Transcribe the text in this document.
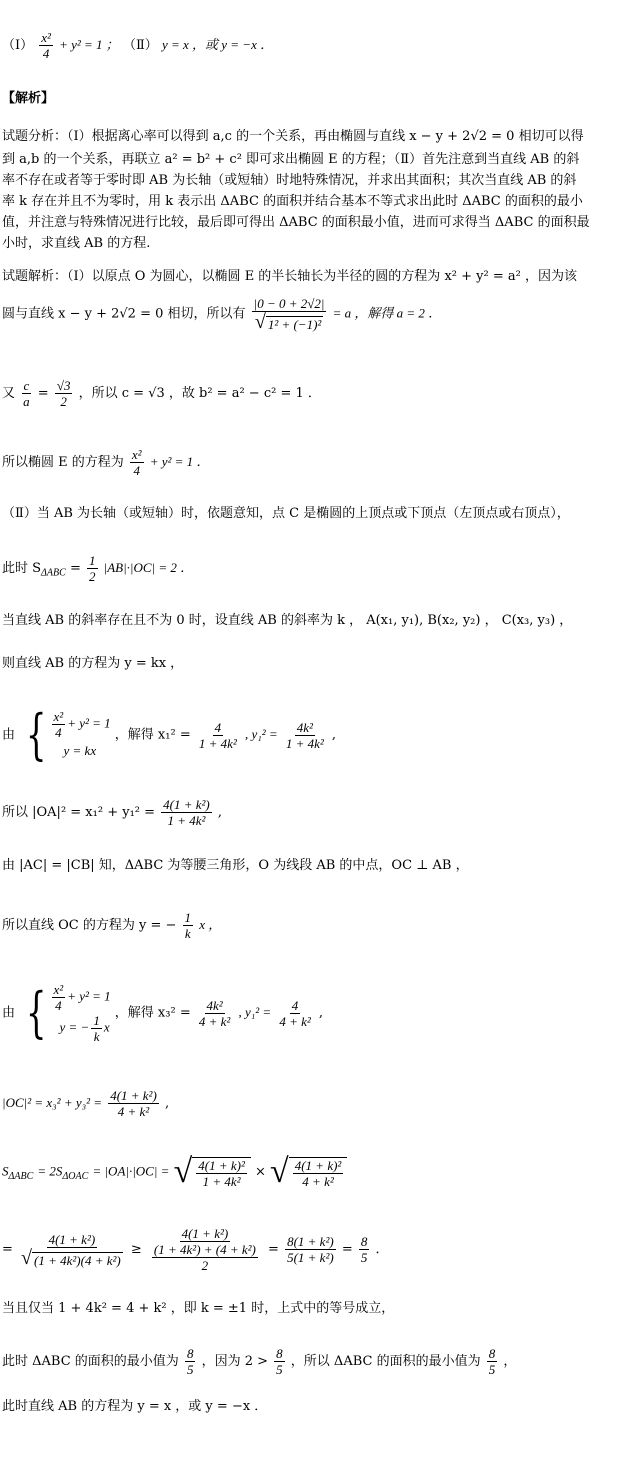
（Ⅰ） $\frac{\text{x²}}{4} + y^2 = 1$ ； （Ⅱ） y = x ，或 y = −x ．
【解析】
试题分析：（Ⅰ）根据离心率可以得到 a,c 的一个关系，再由椭圆与直线 x − y + 2√2 = 0 相切可以得
到 a,b 的一个关系，再联立 a² = b² + c² 即可求出椭圆 E 的方程；（Ⅱ）首先注意到当直线 AB 的斜
率不存在或者等于零时即 AB 为长轴（或短轴）时地特殊情况，并求出其面积；其次当直线 AB 的斜
率 k 存在并且不为零时，用 k 表示出 ΔABC 的面积并结合基本不等式求出此时 ΔABC 的面积的最小
值，并注意与特殊情况进行比较，最后即可得出 ΔABC 的面积最小值，进而可求得当 ΔABC 的面积最
小时，求直线 AB 的方程.
试题解析：（Ⅰ）以原点 O 为圆心，以椭圆 E 的半长轴长为半径的圆的方程为 x² + y² = a² ，因为该
圆与直线 x − y + 2√2 = 0 相切，所以有 $\frac{|0 - 0 + 2√2|}{\text{√ 1² + (−1)²}} = a$ ，解得 a = 2 ．
又 $\frac{c}{a} = \frac{√3}{2}$ ，所以 c = √3 ，故 b² = a² − c² = 1 ．
所以椭圆 E 的方程为 $\frac{\text{x²}}{4} + y^2 = 1$ ．
（Ⅱ）当 AB 为长轴（或短轴）时，依题意知，点 C 是椭圆的上顶点或下顶点（左顶点或右顶点），
此时 $S_{\Delta ABC} = \frac{1}{2} |AB|\cdot|OC| = 2$ ．
当直线 AB 的斜率存在且不为 0 时，设直线 AB 的斜率为 k ， A(x₁, y₁), B(x₂, y₂) ， C(x₃, y₃) ，
则直线 AB 的方程为 y = kx ，
由 { $\frac{\text{x²}}{4} + y^2 = 1$
y = kx
，解得 $x_1^2 = \frac{4}{\text{1 + 4k²}}$ , $y_1^2 = \frac{\text{4k²}}{\text{1 + 4k²}}$ ,
所以 $|OA|^2 = x_1^2 + y_1^2 = \frac{\text{4(1 + k²)}}{\text{1 + 4k²}}$ ,
由 |AC| = |CB| 知，ΔABC 为等腰三角形，O 为线段 AB 的中点，OC ⊥ AB ，
所以直线 OC 的方程为 y = − $\frac{1}{k}$ x ，
由 { $\frac{\text{x²}}{4} + y^2 = 1$
y = − $\frac{1}{k}$ x
，解得 $x_3^2 = \frac{\text{4k²}}{\text{4 + k²}}$ , $y_1^2 = \frac{4}{\text{4 + k²}}$ ,
$|OC|^2 = x_3^2 + y_3^2 = \frac{\text{4(1 + k²)}}{\text{4 + k²}}$ ,
$S_{\Delta ABC} = 2S_{\Delta OAC} = |OA|\cdot|OC|$ = √ $\frac{\text{4(1 + k)²}}{\text{1 + 4k²}}$ × √ $\frac{\text{4(1 + k)²}}{\text{4 + k²}}$
= $\frac{\text{4(1 + k²)}}{\text{√ (1 + 4k²)(4 + k²)}} \ge \frac{\text{4(1 + k²)}}{\frac{\text{(1 + 4k²) + (4 + k²)}}{2}} = \frac{\text{8(1 + k²)}}{\text{5(1 + k²)}} = \frac{8}{5}$ ．
当且仅当 1 + 4k² = 4 + k² ，即 k = ±1 时，上式中的等号成立，
此时 ΔABC 的面积的最小值为 $\frac{8}{5}$ ，因为 $2 > \frac{8}{5}$ ，所以 ΔABC 的面积的最小值为 $\frac{8}{5}$ ，
此时直线 AB 的方程为 y = x ，或 y = −x ．
